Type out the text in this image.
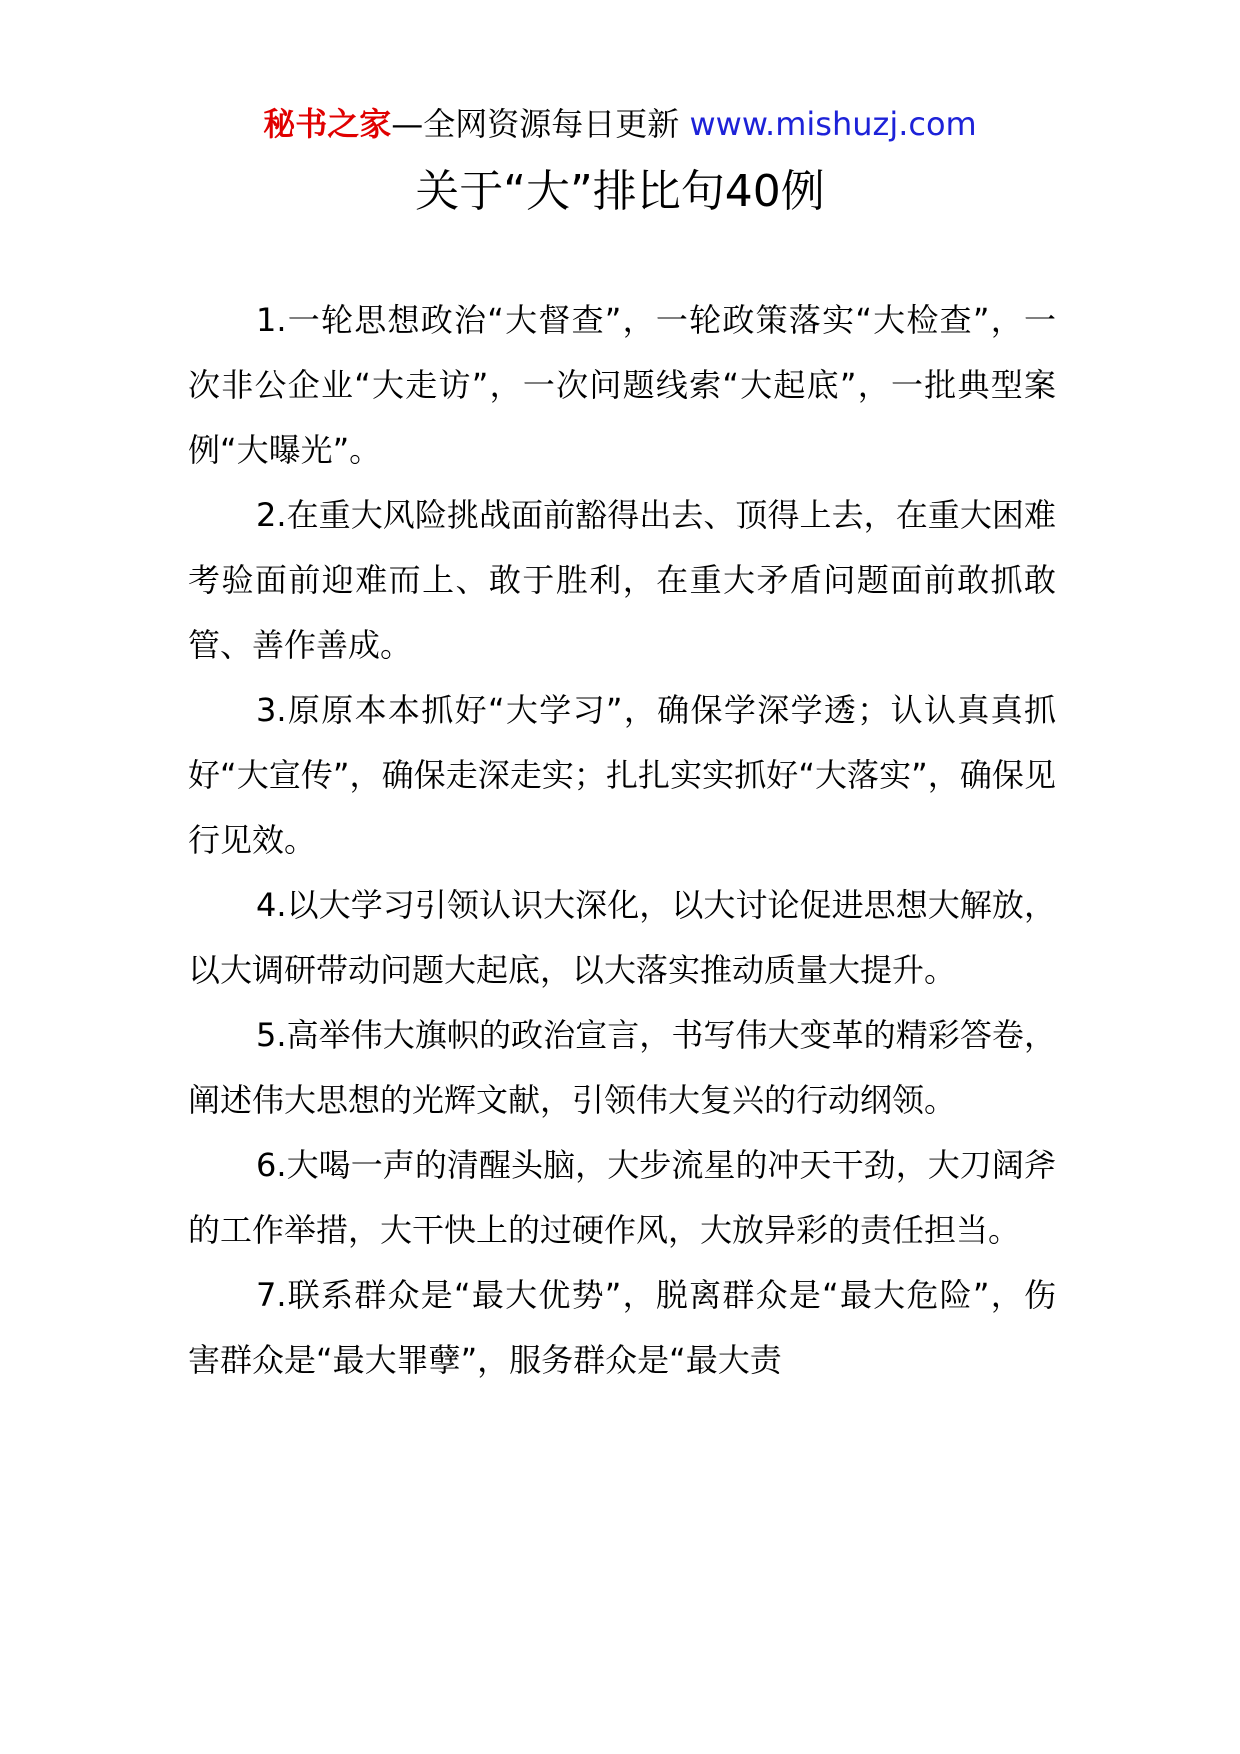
秘书之家—全网资源每日更新 www.mishuzj.com
关于“大”排比句40例

1.一轮思想政治“大督查”，一轮政策落实“大检查”，一次非公企业“大走访”，一次问题线索“大起底”，一批典型案例“大曝光”。

2.在重大风险挑战面前豁得出去、顶得上去，在重大困难考验面前迎难而上、敢于胜利，在重大矛盾问题面前敢抓敢管、善作善成。

3.原原本本抓好“大学习”，确保学深学透；认认真真抓好“大宣传”，确保走深走实；扎扎实实抓好“大落实”，确保见行见效。

4.以大学习引领认识大深化，以大讨论促进思想大解放，以大调研带动问题大起底，以大落实推动质量大提升。

5.高举伟大旗帜的政治宣言，书写伟大变革的精彩答卷，阐述伟大思想的光辉文献，引领伟大复兴的行动纲领。

6.大喝一声的清醒头脑，大步流星的冲天干劲，大刀阔斧的工作举措，大干快上的过硬作风，大放异彩的责任担当。

7.联系群众是“最大优势”，脱离群众是“最大危险”，伤害群众是“最大罪孽”，服务群众是“最大责
